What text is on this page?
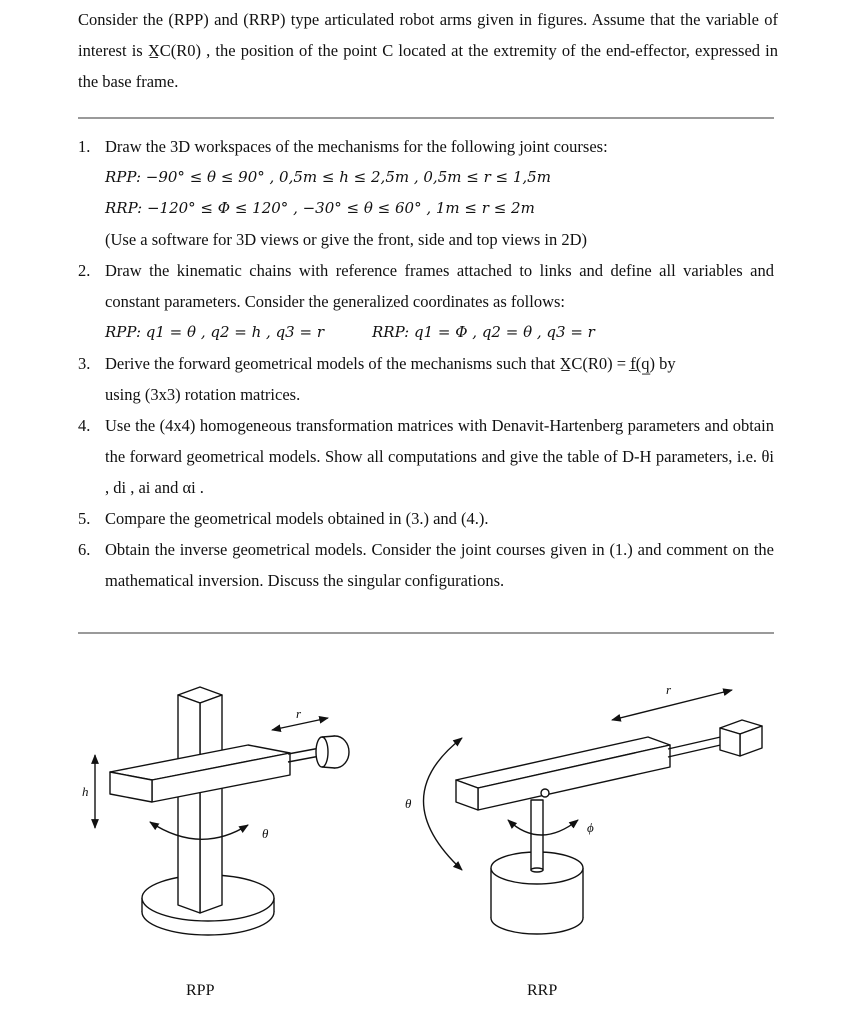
Consider the (RPP) and (RRP) type articulated robot arms given in figures. Assume that the variable of interest is X̲C(R0) , the position of the point C located at the extremity of the end-effector, expressed in the base frame.
1. Draw the 3D workspaces of the mechanisms for the following joint courses:
RPP: −90° ≤ θ ≤ 90° , 0,5m ≤ h ≤ 2,5m , 0,5m ≤ r ≤ 1,5m
RRP: −120° ≤ Φ ≤ 120° , −30° ≤ θ ≤ 60° , 1m ≤ r ≤ 2m
(Use a software for 3D views or give the front, side and top views in 2D)
2. Draw the kinematic chains with reference frames attached to links and define all variables and constant parameters. Consider the generalized coordinates as follows:
RPP: q1 = θ , q2 = h , q3 = r	RRP: q1 = Φ , q2 = θ , q3 = r
3. Derive the forward geometrical models of the mechanisms such that X̲C(R0) = f̲(q̲) by
using (3x3) rotation matrices.
4. Use the (4x4) homogeneous transformation matrices with Denavit-Hartenberg parameters and obtain the forward geometrical models. Show all computations and give the table of D-H parameters, i.e. θi , di , ai and αi .
5. Compare the geometrical models obtained in (3.) and (4.).
6. Obtain the inverse geometrical models. Consider the joint courses given in (1.) and comment on the mathematical inversion. Discuss the singular configurations.
h
θ
r
θ
ϕ
r
RPP	RRP
